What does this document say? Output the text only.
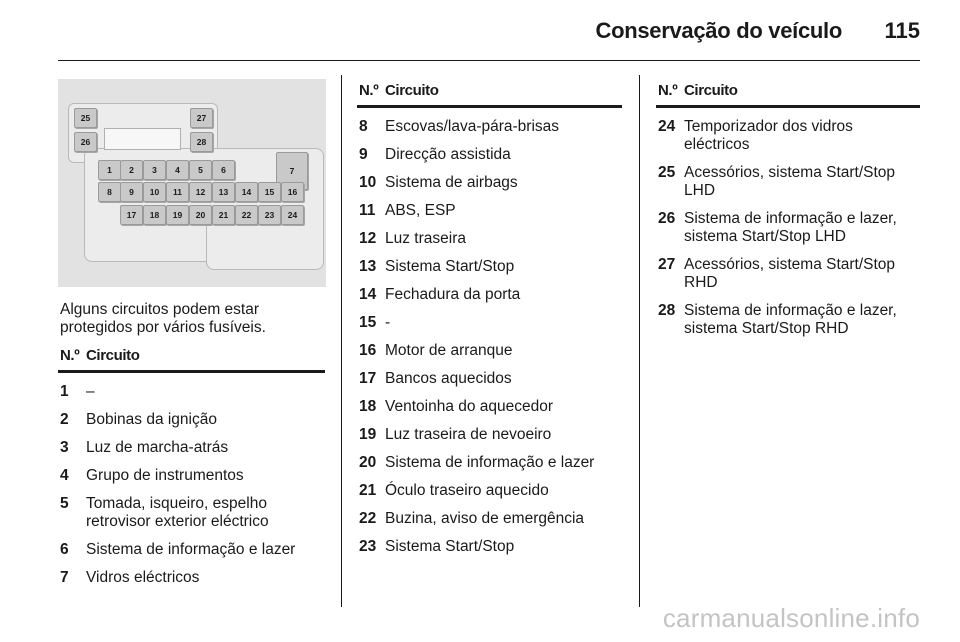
Conservação do veículo 115
25
26
27
28
1	2	3	4	5	6	7
8	9	10	11	12	13	14	15	16
17	18	19	20	21	22	23	24
Alguns circuitos podem estar
protegidos por vários fusíveis.
N.º Circuito
1 –
2 Bobinas da ignição
3 Luz de marcha-atrás
4 Grupo de instrumentos
5 Tomada, isqueiro, espelho
retrovisor exterior eléctrico
6 Sistema de informação e lazer
7 Vidros eléctricos
N.º Circuito
8 Escovas/lava-pára-brisas
9 Direcção assistida
10 Sistema de airbags
11 ABS, ESP
12 Luz traseira
13 Sistema Start/Stop
14 Fechadura da porta
15 -
16 Motor de arranque
17 Bancos aquecidos
18 Ventoinha do aquecedor
19 Luz traseira de nevoeiro
20 Sistema de informação e lazer
21 Óculo traseiro aquecido
22 Buzina, aviso de emergência
23 Sistema Start/Stop
N.º Circuito
24 Temporizador dos vidros
eléctricos
25 Acessórios, sistema Start/Stop
LHD
26 Sistema de informação e lazer,
sistema Start/Stop LHD
27 Acessórios, sistema Start/Stop
RHD
28 Sistema de informação e lazer,
sistema Start/Stop RHD
carmanualsonline.info
